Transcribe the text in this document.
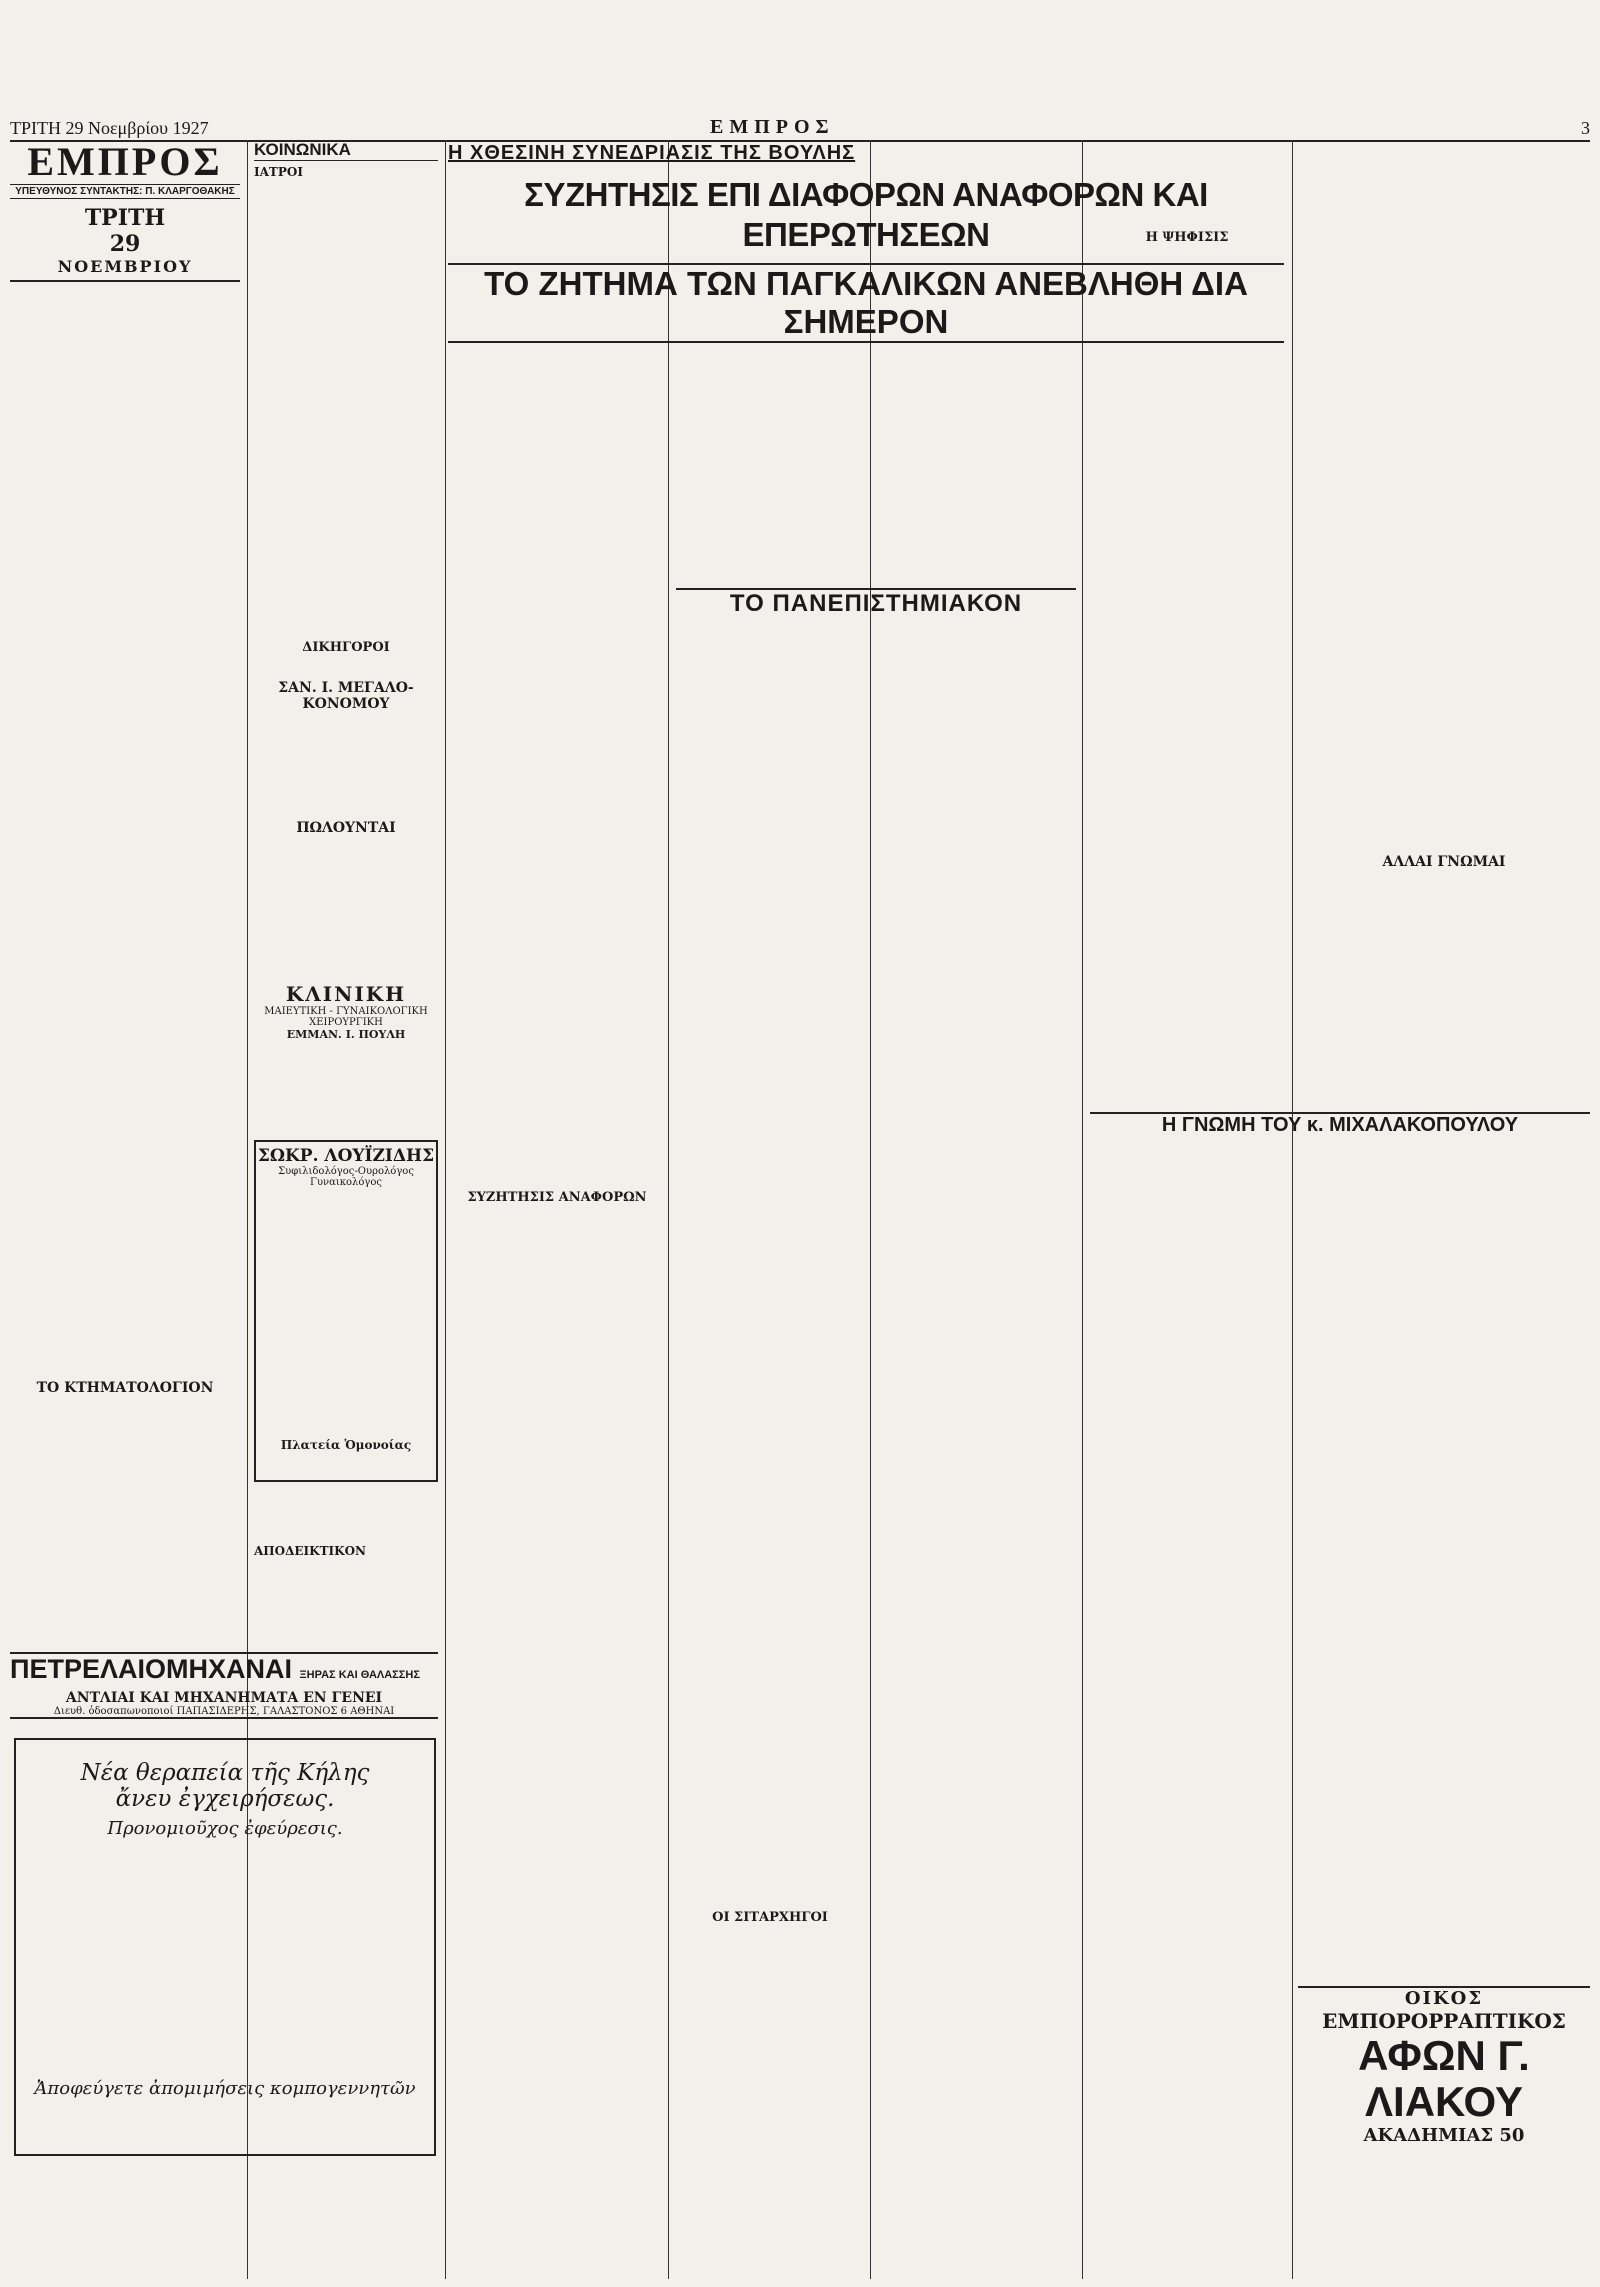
ΤΡΙΤΗ 29 Νοεμβρίου 1927	ΕΜΠΡΟΣ	3
ΕΜΠΡΟΣ
ΥΠΕΥΘΥΝΟΣ ΣΥΝΤΑΚΤΗΣ: Π. ΚΛΑΡΓΟΘΑΚΗΣ
ΤΡΙΤΗ
29
ΝΟΕΜΒΡΙΟΥ
ΤΟ ΚΤΗΜΑΤΟΛΟΓΙΟΝ
ΚΟΙΝΩΝΙΚΑ
ΙΑΤΡΟΙ
ΔΙΚΗΓΟΡΟΙ
ΣΑΝ. Ι. ΜΕΓΑΛΟ-ΚΟΝΟΜΟΥ
ΠΩΛΟΥΝΤΑΙ
ΚΛΙΝΙΚΗ
ΜΑΙΕΥΤΙΚΗ - ΓΥΝΑΙΚΟΛΟΓΙΚΗ ΧΕΙΡΟΥΡΓΙΚΗ
ΕΜΜΑΝ. Ι. ΠΟΥΛΗ
ΣΩΚΡ. ΛΟΥΪΖΙΔΗΣ
Συφιλιδολόγος-Ουρολόγος Γυναικολόγος
Πλατεία Ὁμονοίας
ΑΠΟΔΕΙΚΤΙΚΟΝ
ΠΕΤΡΕΛΑΙΟΜΗΧΑΝΑΙ ΞΗΡΑΣ ΚΑΙ ΘΑΛΑΣΣΗΣ
ΑΝΤΛΙΑΙ ΚΑΙ ΜΗΧΑΝΗΜΑΤΑ ΕΝ ΓΕΝΕΙ
Διευθ. ὁδοσαπωνοποιοί ΠΑΠΑΣΙΔΕΡΗΣ, ΓΑΛΑΣΤΟΝΟΣ 6 ΑΘΗΝΑΙ
Νέα θεραπεία τῆς Κήλης
ἄνευ ἐγχειρήσεως.
Προνομιοῦχος ἐφεύρεσις.
Ἀποφεύγετε ἀπομιμήσεις κομπογεννητῶν
Η ΧΘΕΣΙΝΗ ΣΥΝΕΔΡΙΑΣΙΣ ΤΗΣ ΒΟΥΛΗΣ
ΣΥΖΗΤΗΣΙΣ ΕΠΙ ΔΙΑΦΟΡΩΝ ΑΝΑΦΟΡΩΝ ΚΑΙ ΕΠΕΡΩΤΗΣΕΩΝ
ΤΟ ΖΗΤΗΜΑ ΤΩΝ ΠΑΓΚΑΛΙΚΩΝ ΑΝΕΒΛΗΘΗ ΔΙΑ ΣΗΜΕΡΟΝ
ΣΥΖΗΤΗΣΙΣ ΑΝΑΦΟΡΩΝ
ΟΙ ΣΙΤΑΡΧΗΓΟΙ
ΤΟ ΠΑΝΕΠΙΣΤΗΜΙΑΚΟΝ
Η ΨΗΦΙΣΙΣ
Η ΓΝΩΜΗ ΤΟΥ κ. ΜΙΧΑΛΑΚΟΠΟΥΛΟΥ
ΑΛΛΑΙ ΓΝΩΜΑΙ
ΟΙΚΟΣ
ΕΜΠΟΡΟΡΡΑΠΤΙΚΟΣ
ΑΦΩΝ Γ. ΛΙΑΚΟΥ
ΑΚΑΔΗΜΙΑΣ 50
